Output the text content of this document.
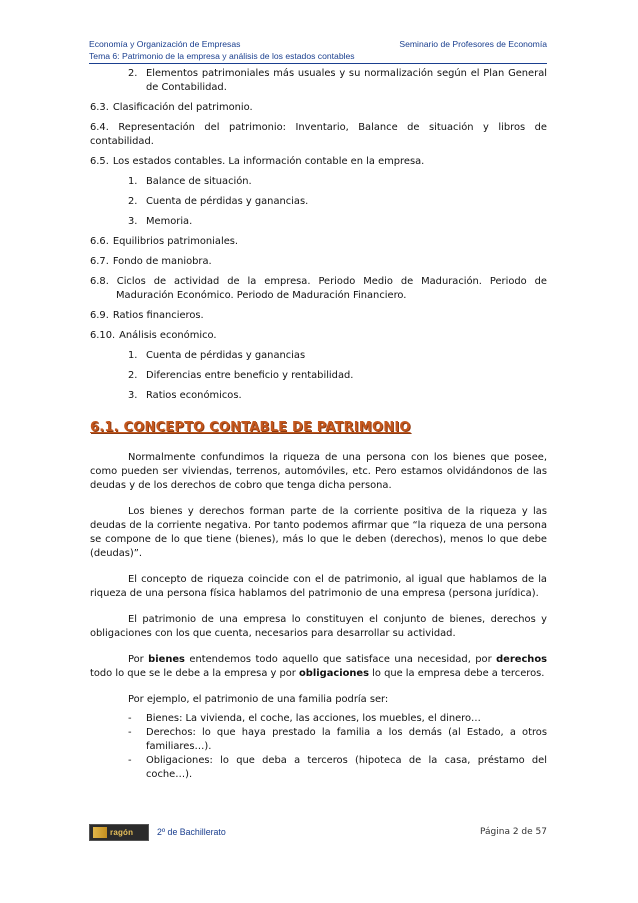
Economía y Organización de Empresas	Seminario de Profesores de Economía
Tema 6: Patrimonio de la empresa y análisis de los estados contables
2. Elementos patrimoniales más usuales y su normalización según el Plan General de Contabilidad.
6.3. Clasificación del patrimonio.
6.4. Representación del patrimonio: Inventario, Balance de situación y libros de contabilidad.
6.5. Los estados contables. La información contable en la empresa.
1. Balance de situación.
2. Cuenta de pérdidas y ganancias.
3. Memoria.
6.6. Equilibrios patrimoniales.
6.7. Fondo de maniobra.
6.8. Ciclos de actividad de la empresa. Periodo Medio de Maduración. Periodo de Maduración Económico. Periodo de Maduración Financiero.
6.9. Ratios financieros.
6.10. Análisis económico.
1. Cuenta de pérdidas y ganancias
2. Diferencias entre beneficio y rentabilidad.
3. Ratios económicos.
6.1. CONCEPTO CONTABLE DE PATRIMONIO

Normalmente confundimos la riqueza de una persona con los bienes que posee, como pueden ser viviendas, terrenos, automóviles, etc. Pero estamos olvidándonos de las deudas y de los derechos de cobro que tenga dicha persona.

Los bienes y derechos forman parte de la corriente positiva de la riqueza y las deudas de la corriente negativa. Por tanto podemos afirmar que “la riqueza de una persona se compone de lo que tiene (bienes), más lo que le deben (derechos), menos lo que debe (deudas)”.

El concepto de riqueza coincide con el de patrimonio, al igual que hablamos de la riqueza de una persona física hablamos del patrimonio de una empresa (persona jurídica).

El patrimonio de una empresa lo constituyen el conjunto de bienes, derechos y obligaciones con los que cuenta, necesarios para desarrollar su actividad.

Por bienes entendemos todo aquello que satisface una necesidad, por derechos todo lo que se le debe a la empresa y por obligaciones lo que la empresa debe a terceros.

Por ejemplo, el patrimonio de una familia podría ser:

-	Bienes: La vivienda, el coche, las acciones, los muebles, el dinero…
-	Derechos: lo que haya prestado la familia a los demás (al Estado, a otros familiares…).
-	Obligaciones: lo que deba a terceros (hipoteca de la casa, préstamo del coche…).
ragón	2º de Bachillerato	Página 2 de 57
